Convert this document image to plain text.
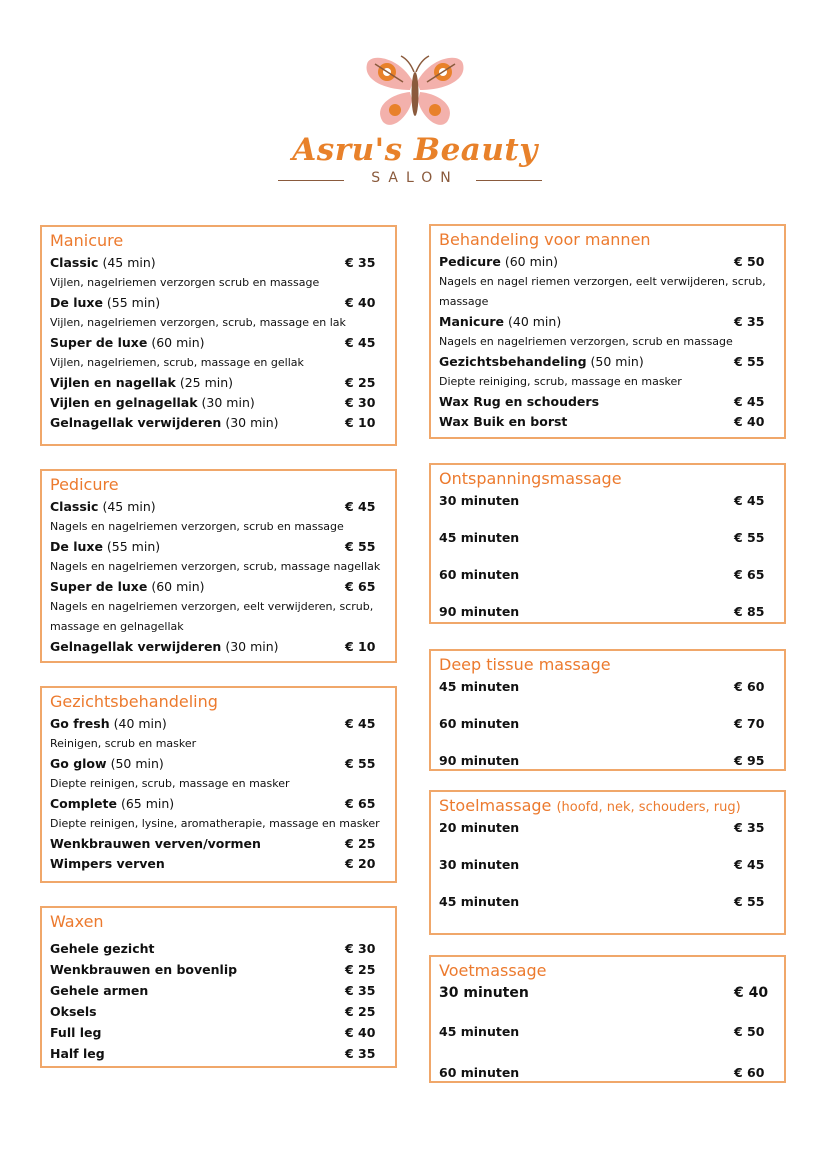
Asru's Beauty
SALON
Manicure
Classic (45 min)	€ 35
Vijlen, nagelriemen verzorgen scrub en massage
De luxe (55 min)	€ 40
Vijlen, nagelriemen verzorgen, scrub, massage en lak
Super de luxe (60 min)	€ 45
Vijlen, nagelriemen, scrub, massage en gellak
Vijlen en nagellak (25 min)	€ 25
Vijlen en gelnagellak (30 min)	€ 30
Gelnagellak verwijderen (30 min)	€ 10
Pedicure
Classic (45 min)	€ 45
Nagels en nagelriemen verzorgen, scrub en massage
De luxe (55 min)	€ 55
Nagels en nagelriemen verzorgen, scrub, massage nagellak
Super de luxe (60 min)	€ 65
Nagels en nagelriemen verzorgen, eelt verwijderen, scrub, massage en gelnagellak
Gelnagellak verwijderen (30 min)	€ 10
Gezichtsbehandeling
Go fresh (40 min)	€ 45
Reinigen, scrub en masker
Go glow (50 min)	€ 55
Diepte reinigen, scrub, massage en masker
Complete (65 min)	€ 65
Diepte reinigen, lysine, aromatherapie, massage en masker
Wenkbrauwen verven/vormen	€ 25
Wimpers verven	€ 20
Waxen
Gehele gezicht	€ 30
Wenkbrauwen en bovenlip	€ 25
Gehele armen	€ 35
Oksels	€ 25
Full leg	€ 40
Half leg	€ 35
Behandeling voor mannen
Pedicure (60 min)	€ 50
Nagels en nagel riemen verzorgen, eelt verwijderen, scrub, massage
Manicure (40 min)	€ 35
Nagels en nagelriemen verzorgen, scrub en massage
Gezichtsbehandeling (50 min)	€ 55
Diepte reiniging, scrub, massage en masker
Wax Rug en schouders	€ 45
Wax Buik en borst	€ 40
Ontspanningsmassage
30 minuten	€ 45
45 minuten	€ 55
60 minuten	€ 65
90 minuten	€ 85
Deep tissue massage
45 minuten	€ 60
60 minuten	€ 70
90 minuten	€ 95
Stoelmassage (hoofd, nek, schouders, rug)
20 minuten	€ 35
30 minuten	€ 45
45 minuten	€ 55
Voetmassage
30 minuten	€ 40
45 minuten	€ 50
60 minuten	€ 60
